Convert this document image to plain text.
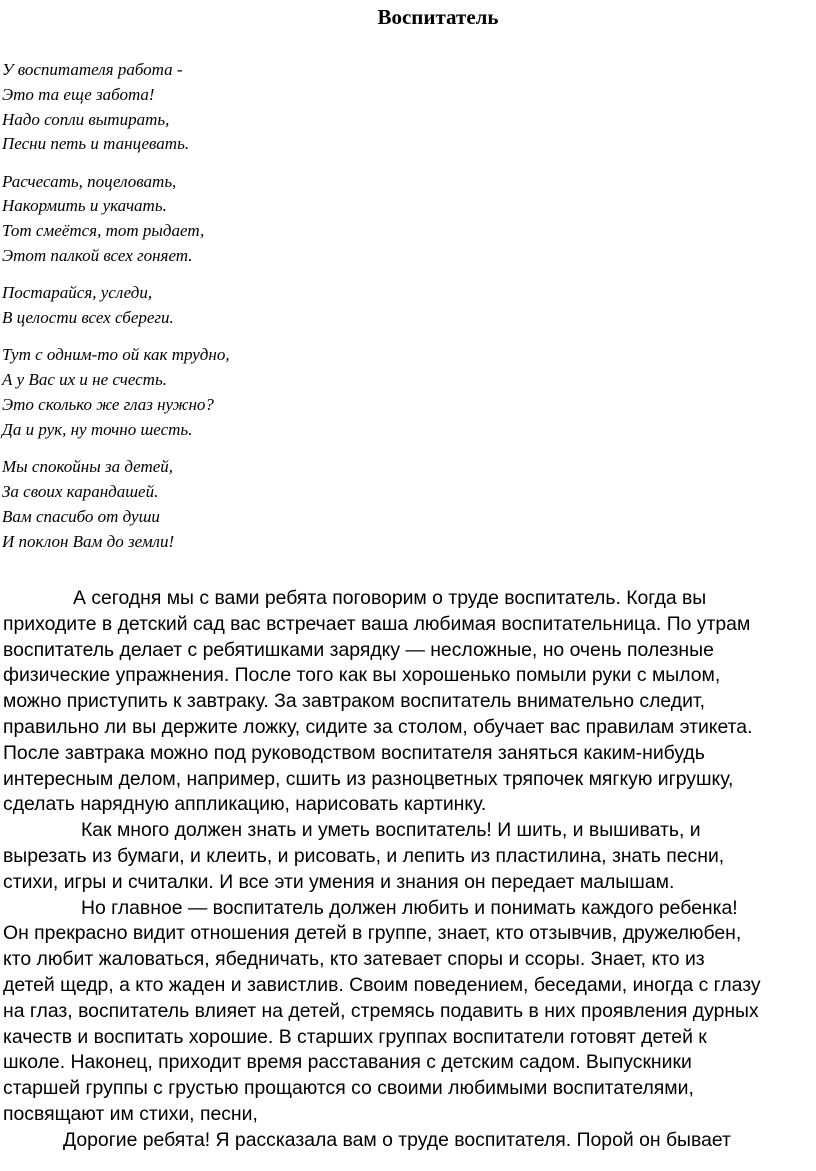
Воспитатель
У воспитателя работа -
Это та еще забота!
Надо сопли вытирать,
Песни петь и танцевать.
Расчесать, поцеловать,
Накормить и укачать.
Тот смеётся, тот рыдает,
Этот палкой всех гоняет.
Постарайся, уследи,
В целости всех сбереги.
Тут с одним-то ой как трудно,
А у Вас их и не счесть.
Это сколько же глаз нужно?
Да и рук, ну точно шесть.
Мы спокойны за детей,
За своих карандашей.
Вам спасибо от души
И поклон Вам до земли!
А сегодня мы с вами ребята поговорим о труде воспитатель. Когда вы
приходите в детский сад вас встречает ваша любимая воспитательница. По утрам
воспитатель делает с ребятишками зарядку — несложные, но очень полезные
физические упражнения. После того как вы хорошенько помыли руки с мылом,
можно приступить к завтраку. За завтраком воспитатель внимательно следит,
правильно ли вы держите ложку, сидите за столом, обучает вас правилам этикета.
После завтрака можно под руководством воспитателя заняться каким-нибудь
интересным делом, например, сшить из разноцветных тряпочек мягкую игрушку,
сделать нарядную аппликацию, нарисовать картинку.
Как много должен знать и уметь воспитатель! И шить, и вышивать, и
вырезать из бумаги, и клеить, и рисовать, и лепить из пластилина, знать песни,
стихи, игры и считалки. И все эти умения и знания он передает малышам.
Но главное — воспитатель должен любить и понимать каждого ребенка!
Он прекрасно видит отношения детей в группе, знает, кто отзывчив, дружелюбен,
кто любит жаловаться, ябедничать, кто затевает споры и ссоры. Знает, кто из
детей щедр, а кто жаден и завистлив. Своим поведением, беседами, иногда с глазу
на глаз, воспитатель влияет на детей, стремясь подавить в них проявления дурных
качеств и воспитать хорошие. В старших группах воспитатели готовят детей к
школе. Наконец, приходит время расставания с детским садом. Выпускники
старшей группы с грустью прощаются со своими любимыми воспитателями,
посвящают им стихи, песни,
Дорогие ребята! Я рассказала вам о труде воспитателя. Порой он бывает
